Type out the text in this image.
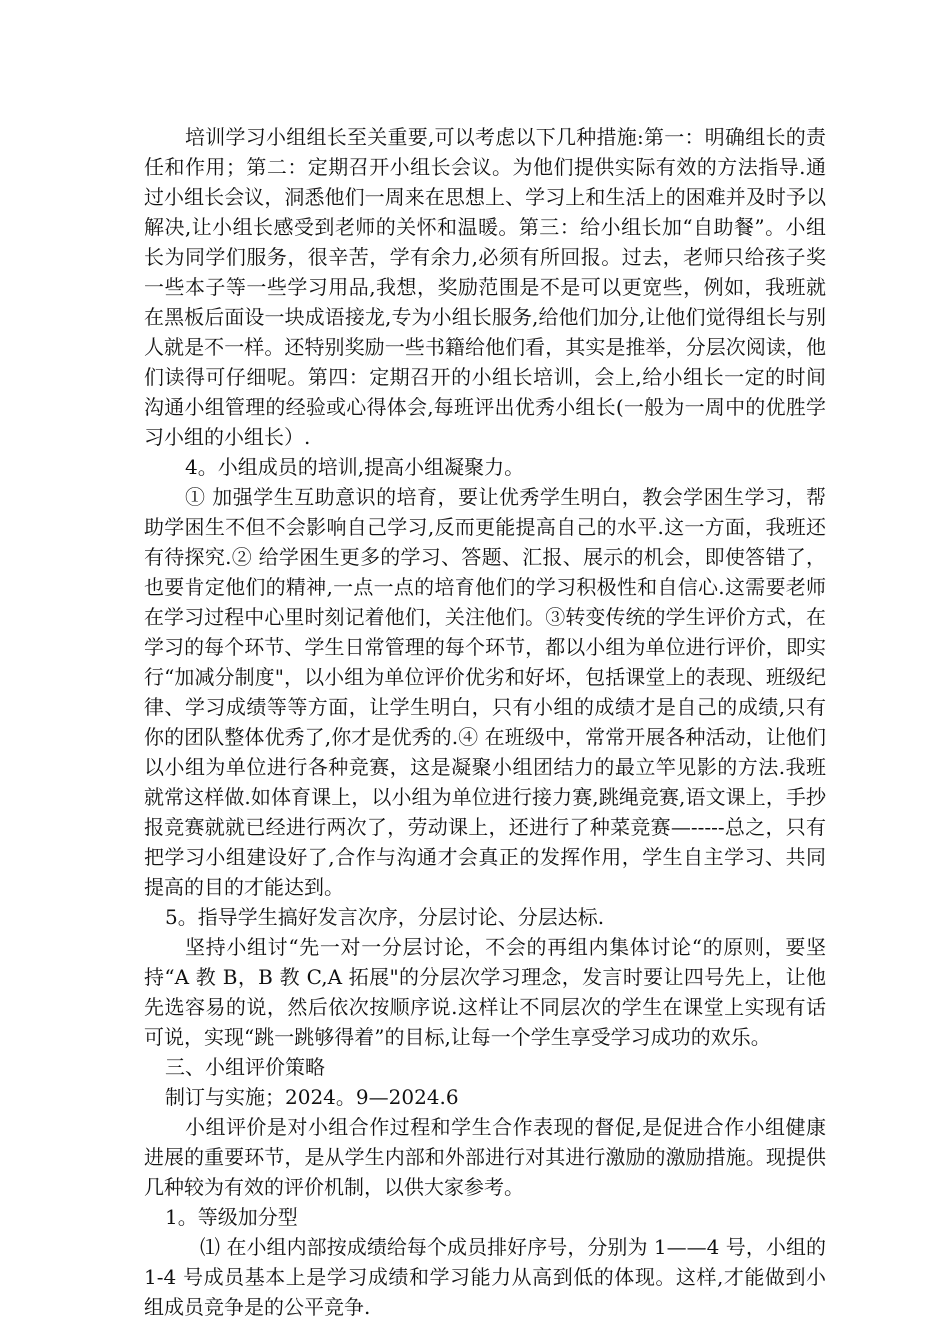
培训学习小组组长至关重要,可以考虑以下几种措施:第一：明确组长的责任和作用；第二：定期召开小组长会议。为他们提供实际有效的方法指导.通过小组长会议，洞悉他们一周来在思想上、学习上和生活上的困难并及时予以解决,让小组长感受到老师的关怀和温暖。第三：给小组长加“自助餐”。小组长为同学们服务，很辛苦，学有余力,必须有所回报。过去，老师只给孩子奖一些本子等一些学习用品,我想，奖励范围是不是可以更宽些，例如，我班就在黑板后面设一块成语接龙,专为小组长服务,给他们加分,让他们觉得组长与别人就是不一样。还特别奖励一些书籍给他们看，其实是推举，分层次阅读，他们读得可仔细呢。第四：定期召开的小组长培训，会上,给小组长一定的时间沟通小组管理的经验或心得体会,每班评出优秀小组长(一般为一周中的优胜学习小组的小组长）.

4。小组成员的培训,提高小组凝聚力。

① 加强学生互助意识的培育，要让优秀学生明白，教会学困生学习，帮助学困生不但不会影响自己学习,反而更能提高自己的水平.这一方面，我班还有待探究.② 给学困生更多的学习、答题、汇报、展示的机会，即使答错了，也要肯定他们的精神,一点一点的培育他们的学习积极性和自信心.这需要老师在学习过程中心里时刻记着他们，关注他们。③转变传统的学生评价方式，在学习的每个环节、学生日常管理的每个环节，都以小组为单位进行评价，即实行“加减分制度"，以小组为单位评价优劣和好坏，包括课堂上的表现、班级纪律、学习成绩等等方面，让学生明白，只有小组的成绩才是自己的成绩,只有你的团队整体优秀了,你才是优秀的.④ 在班级中，常常开展各种活动，让他们以小组为单位进行各种竞赛，这是凝聚小组团结力的最立竿见影的方法.我班就常这样做.如体育课上，以小组为单位进行接力赛,跳绳竞赛,语文课上，手抄报竞赛就就已经进行两次了，劳动课上，还进行了种菜竞赛—-----总之，只有把学习小组建设好了,合作与沟通才会真正的发挥作用，学生自主学习、共同提高的目的才能达到。

5。指导学生搞好发言次序，分层讨论、分层达标.

坚持小组讨“先一对一分层讨论，不会的再组内集体讨论“的原则，要坚持“A 教 B，B 教 C,A 拓展"的分层次学习理念，发言时要让四号先上，让他先选容易的说，然后依次按顺序说.这样让不同层次的学生在课堂上实现有话可说，实现“跳一跳够得着”的目标,让每一个学生享受学习成功的欢乐。

三、小组评价策略

制订与实施；2024。9—2024.6

小组评价是对小组合作过程和学生合作表现的督促,是促进合作小组健康进展的重要环节，是从学生内部和外部进行对其进行激励的激励措施。现提供几种较为有效的评价机制，以供大家参考。

1。等级加分型

⑴ 在小组内部按成绩给每个成员排好序号，分别为 1——4 号，小组的 1-4 号成员基本上是学习成绩和学习能力从高到低的体现。这样,才能做到小组成员竞争是的公平竞争.
